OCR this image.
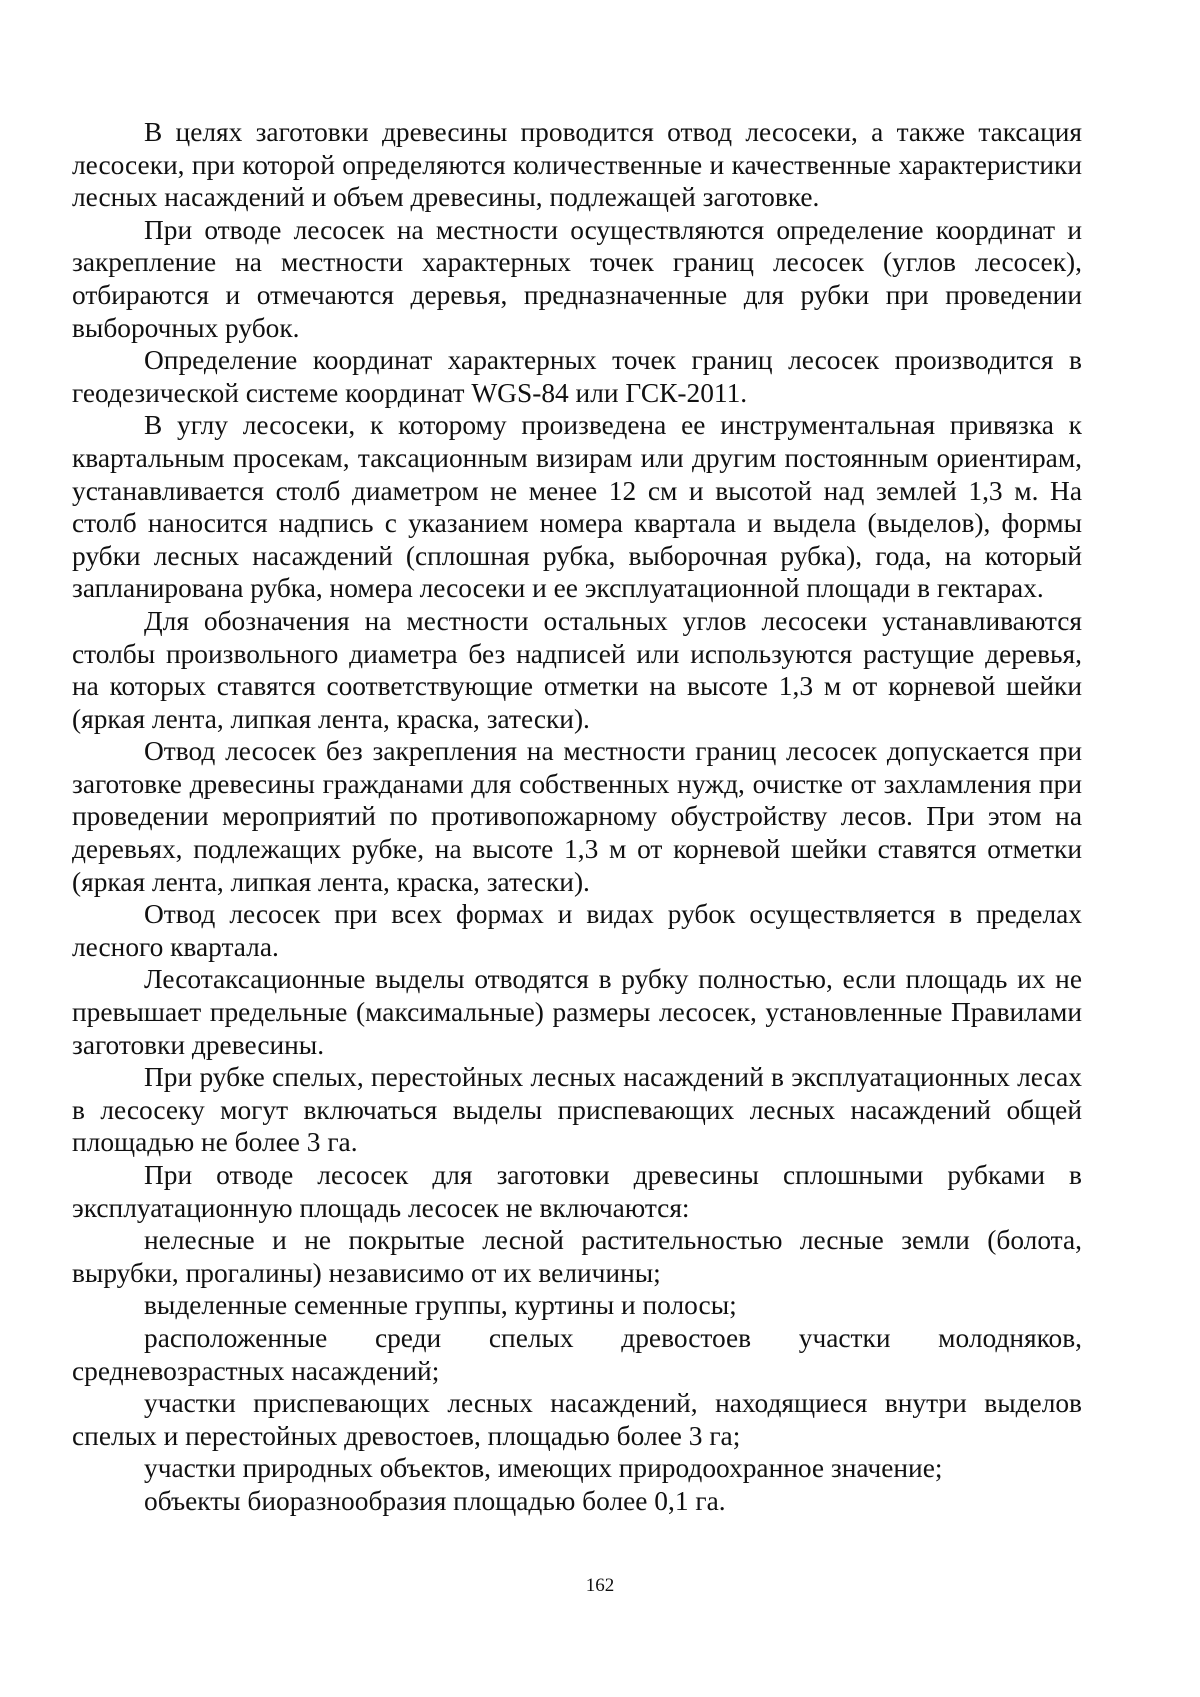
В целях заготовки древесины проводится отвод лесосеки, а также таксация лесосеки, при которой определяются количественные и качественные характеристики лесных насаждений и объем древесины, подлежащей заготовке.

При отводе лесосек на местности осуществляются определение координат и закрепление на местности характерных точек границ лесосек (углов лесосек), отбираются и отмечаются деревья, предназначенные для рубки при проведении выборочных рубок.

Определение координат характерных точек границ лесосек производится в геодезической системе координат WGS-84 или ГСК-2011.

В углу лесосеки, к которому произведена ее инструментальная привязка к квартальным просекам, таксационным визирам или другим постоянным ориентирам, устанавливается столб диаметром не менее 12 см и высотой над землей 1,3 м. На столб наносится надпись с указанием номера квартала и выдела (выделов), формы рубки лесных насаждений (сплошная рубка, выборочная рубка), года, на который запланирована рубка, номера лесосеки и ее эксплуатационной площади в гектарах.

Для обозначения на местности остальных углов лесосеки устанавливаются столбы произвольного диаметра без надписей или используются растущие деревья, на которых ставятся соответствующие отметки на высоте 1,3 м от корневой шейки (яркая лента, липкая лента, краска, затески).

Отвод лесосек без закрепления на местности границ лесосек допускается при заготовке древесины гражданами для собственных нужд, очистке от захламления при проведении мероприятий по противопожарному обустройству лесов. При этом на деревьях, подлежащих рубке, на высоте 1,3 м от корневой шейки ставятся отметки (яркая лента, липкая лента, краска, затески).

Отвод лесосек при всех формах и видах рубок осуществляется в пределах лесного квартала.

Лесотаксационные выделы отводятся в рубку полностью, если площадь их не превышает предельные (максимальные) размеры лесосек, установленные Правилами заготовки древесины.

При рубке спелых, перестойных лесных насаждений в эксплуатационных лесах в лесосеку могут включаться выделы приспевающих лесных насаждений общей площадью не более 3 га.

При отводе лесосек для заготовки древесины сплошными рубками в эксплуатационную площадь лесосек не включаются:

нелесные и не покрытые лесной растительностью лесные земли (болота, вырубки, прогалины) независимо от их величины;

выделенные семенные группы, куртины и полосы;

расположенные среди спелых древостоев участки молодняков, средневозрастных насаждений;

участки приспевающих лесных насаждений, находящиеся внутри выделов спелых и перестойных древостоев, площадью более 3 га;

участки природных объектов, имеющих природоохранное значение;

объекты биоразнообразия площадью более 0,1 га.

162
